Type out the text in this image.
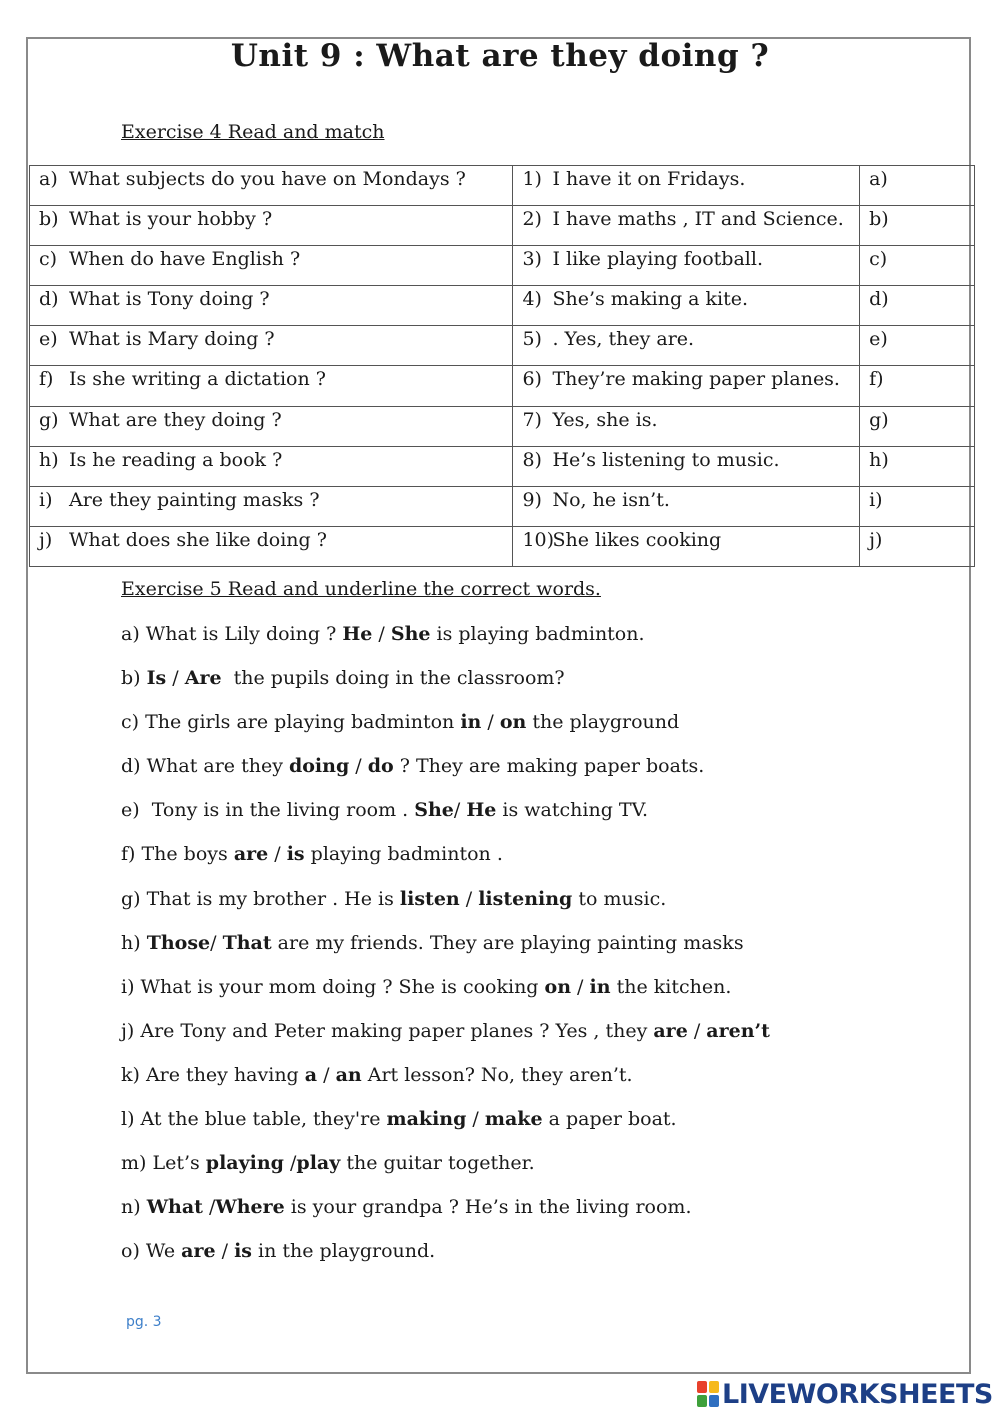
Unit 9 : What are they doing ?

Exercise 4 Read and match

a) What subjects do you have on Mondays ?	1) I have it on Fridays.	a)
b) What is your hobby ?	2) I have maths , IT and Science.	b)
c) When do have English ?	3) I like playing football.	c)
d) What is Tony doing ?	4) She’s making a kite.	d)
e) What is Mary doing ?	5) . Yes, they are.	e)
f) Is she writing a dictation ?	6) They’re making paper planes.	f)
g) What are they doing ?	7) Yes, she is.	g)
h) Is he reading a book ?	8) He’s listening to music.	h)
i) Are they painting masks ?	9) No, he isn’t.	i)
j) What does she like doing ?	10)She likes cooking	j)

Exercise 5 Read and underline the correct words.

a) What is Lily doing ? He / She is playing badminton.
b) Is / Are  the pupils doing in the classroom?
c) The girls are playing badminton in / on the playground
d) What are they doing / do ? They are making paper boats.
e)  Tony is in the living room . She/ He is watching TV.
f) The boys are / is playing badminton .
g) That is my brother . He is listen / listening to music.
h) Those/ That are my friends. They are playing painting masks
i) What is your mom doing ? She is cooking on / in the kitchen.
j) Are Tony and Peter making paper planes ? Yes , they are / aren’t
k) Are they having a / an Art lesson? No, they aren’t.
l) At the blue table, they're making / make a paper boat.
m) Let’s playing /play the guitar together.
n) What /Where is your grandpa ? He’s in the living room.
o) We are / is in the playground.
pg. 3
LIVEWORKSHEETS
